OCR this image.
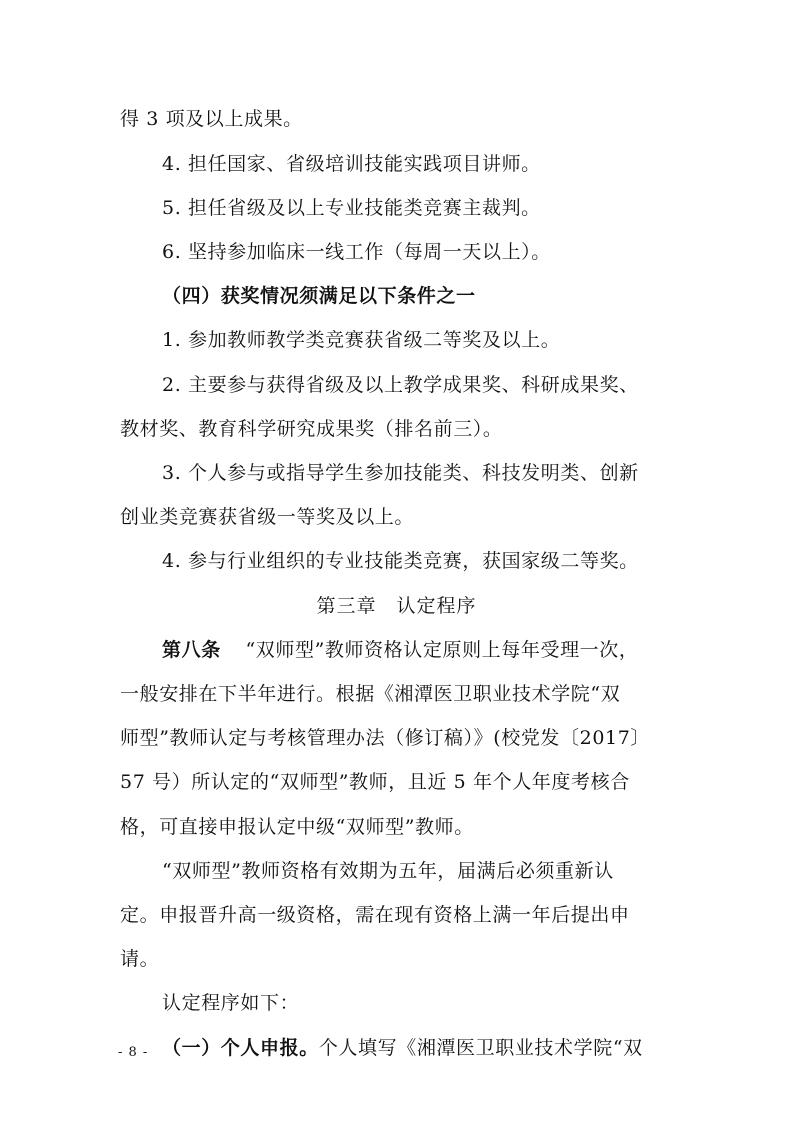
得 3 项及以上成果。
4. 担任国家、省级培训技能实践项目讲师。
5. 担任省级及以上专业技能类竞赛主裁判。
6. 坚持参加临床一线工作（每周一天以上）。
（四）获奖情况须满足以下条件之一
1. 参加教师教学类竞赛获省级二等奖及以上。
2. 主要参与获得省级及以上教学成果奖、科研成果奖、
教材奖、教育科学研究成果奖（排名前三）。
3. 个人参与或指导学生参加技能类、科技发明类、创新
创业类竞赛获省级一等奖及以上。
4. 参与行业组织的专业技能类竞赛，获国家级二等奖。
第三章　认定程序
第八条 “双师型”教师资格认定原则上每年受理一次，
一般安排在下半年进行。根据《湘潭医卫职业技术学院“双
师型”教师认定与考核管理办法（修订稿）》(校党发〔2017〕
57 号）所认定的“双师型”教师，且近 5 年个人年度考核合
格，可直接申报认定中级“双师型”教师。
“双师型”教师资格有效期为五年，届满后必须重新认
定。申报晋升高一级资格，需在现有资格上满一年后提出申
请。
认定程序如下：
（一）个人申报。个人填写《湘潭医卫职业技术学院“双
- 8 -
